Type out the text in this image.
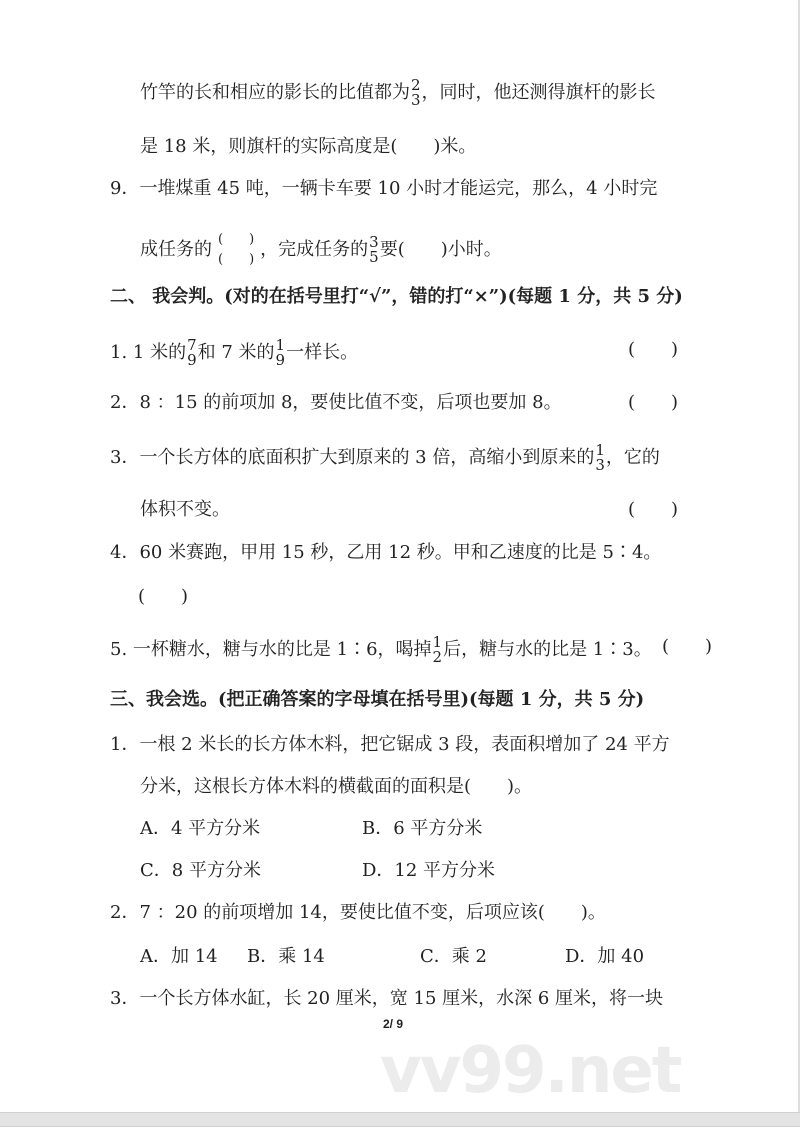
vv99.net
竹竿的长和相应的影长的比值都为 2
3 ，同时，他还测得旗杆的影长
是 18 米，则旗杆的实际高度是(　　)米。
9．一堆煤重 45 吨，一辆卡车要 10 小时才能运完，那么，4 小时完
成任务的 (　　)
(　　) ，完成任务的 3
5 要(　　)小时。
二、 我会判。(对的在括号里打“√”，错的打“×”)(每题 1 分，共 5 分)
1. 1 米的 7
9 和 7 米的 1
9 一样长。	(　　)
2．8 ：15 的前项加 8，要使比值不变，后项也要加 8。	(　　)
3．一个长方体的底面积扩大到原来的 3 倍，高缩小到原来的 1
3 ，它的
体积不变。	(　　)
4．60 米赛跑，甲用 15 秒，乙用 12 秒。甲和乙速度的比是 5∶4。
(　　)
5. 一杯糖水，糖与水的比是 1∶6，喝掉 1
2 后，糖与水的比是 1∶3。 (　　)
三、我会选。(把正确答案的字母填在括号里)(每题 1 分，共 5 分)
1．一根 2 米长的长方体木料，把它锯成 3 段，表面积增加了 24 平方
分米，这根长方体木料的横截面的面积是(　　)。
A．4 平方分米	B．6 平方分米
C．8 平方分米	D．12 平方分米
2．7 ：20 的前项增加 14，要使比值不变，后项应该(　　)。
A．加 14 B．乘 14	C．乘 2	D．加 40
3．一个长方体水缸，长 20 厘米，宽 15 厘米，水深 6 厘米，将一块
2/ 9
